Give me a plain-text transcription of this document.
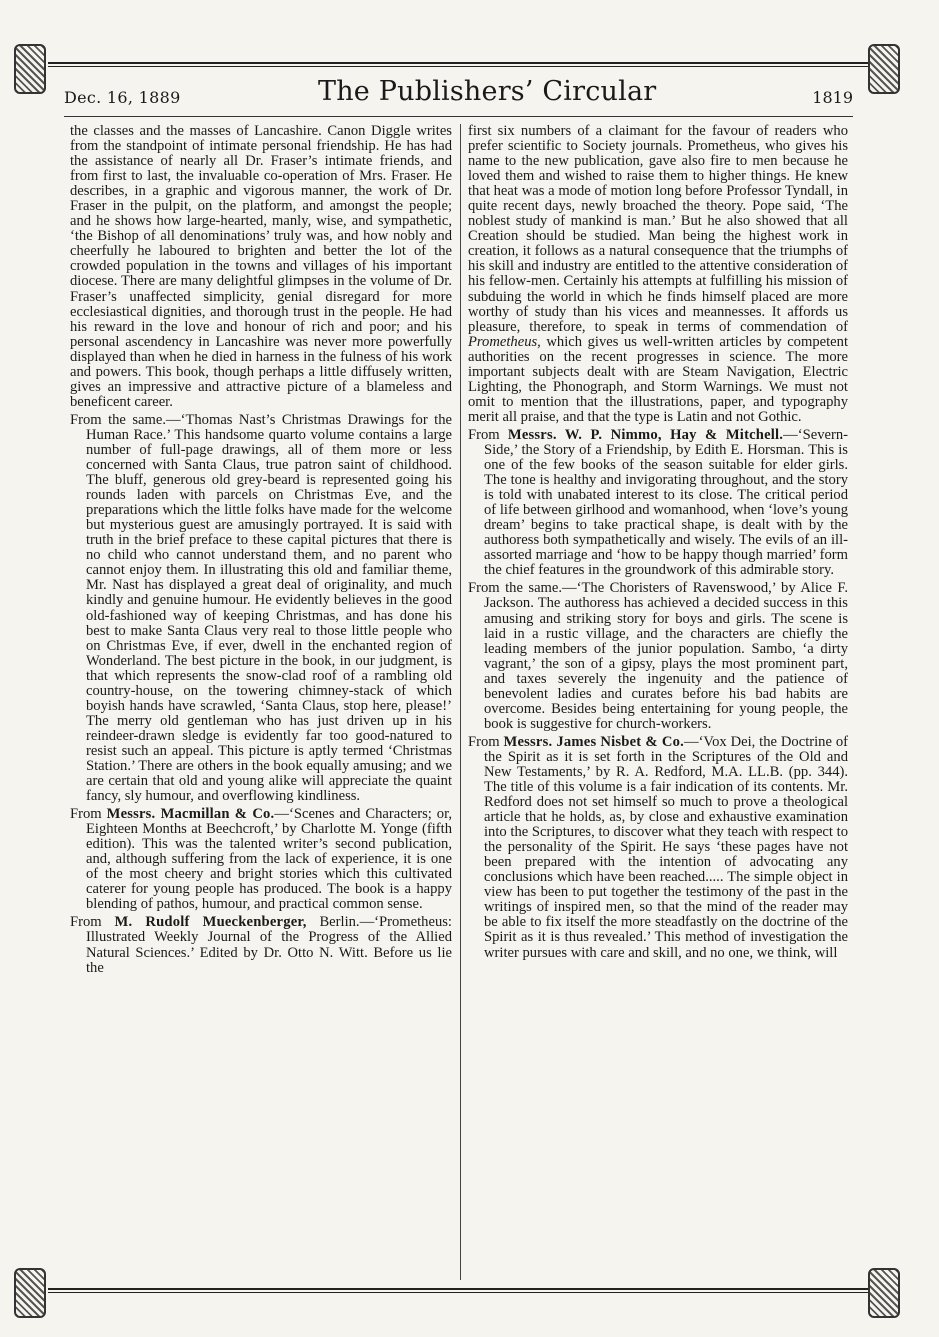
Dec. 16, 1889	The Publishers’ Circular	1819

the classes and the masses of Lancashire. Canon Diggle writes from the standpoint of intimate personal friendship. He has had the assistance of nearly all Dr. Fraser’s intimate friends, and from first to last, the invaluable co-operation of Mrs. Fraser. He describes, in a graphic and vigorous manner, the work of Dr. Fraser in the pulpit, on the platform, and amongst the people; and he shows how large-hearted, manly, wise, and sympathetic, ‘the Bishop of all denominations’ truly was, and how nobly and cheerfully he laboured to brighten and better the lot of the crowded population in the towns and villages of his important diocese. There are many delightful glimpses in the volume of Dr. Fraser’s unaffected simplicity, genial disregard for more ecclesiastical dignities, and thorough trust in the people. He had his reward in the love and honour of rich and poor; and his personal ascendency in Lancashire was never more powerfully displayed than when he died in harness in the fulness of his work and powers. This book, though perhaps a little diffusely written, gives an impressive and attractive picture of a blameless and beneficent career.

From the same.—‘Thomas Nast’s Christmas Drawings for the Human Race.’ This handsome quarto volume contains a large number of full-page drawings, all of them more or less concerned with Santa Claus, true patron saint of childhood. The bluff, generous old grey-beard is represented going his rounds laden with parcels on Christmas Eve, and the preparations which the little folks have made for the welcome but mysterious guest are amusingly portrayed. It is said with truth in the brief preface to these capital pictures that there is no child who cannot understand them, and no parent who cannot enjoy them. In illustrating this old and familiar theme, Mr. Nast has displayed a great deal of originality, and much kindly and genuine humour. He evidently believes in the good old-fashioned way of keeping Christmas, and has done his best to make Santa Claus very real to those little people who on Christmas Eve, if ever, dwell in the enchanted region of Wonderland. The best picture in the book, in our judgment, is that which represents the snow-clad roof of a rambling old country-house, on the towering chimney-stack of which boyish hands have scrawled, ‘Santa Claus, stop here, please!’ The merry old gentleman who has just driven up in his reindeer-drawn sledge is evidently far too good-natured to resist such an appeal. This picture is aptly termed ‘Christmas Station.’ There are others in the book equally amusing; and we are certain that old and young alike will appreciate the quaint fancy, sly humour, and overflowing kindliness.

From Messrs. Macmillan & Co.—‘Scenes and Characters; or, Eighteen Months at Beechcroft,’ by Charlotte M. Yonge (fifth edition). This was the talented writer’s second publication, and, although suffering from the lack of experience, it is one of the most cheery and bright stories which this cultivated caterer for young people has produced. The book is a happy blending of pathos, humour, and practical common sense.

From M. Rudolf Mueckenberger, Berlin.—‘Prometheus: Illustrated Weekly Journal of the Progress of the Allied Natural Sciences.’ Edited by Dr. Otto N. Witt. Before us lie the

first six numbers of a claimant for the favour of readers who prefer scientific to Society journals. Prometheus, who gives his name to the new publication, gave also fire to men because he loved them and wished to raise them to higher things. He knew that heat was a mode of motion long before Professor Tyndall, in quite recent days, newly broached the theory. Pope said, ‘The noblest study of mankind is man.’ But he also showed that all Creation should be studied. Man being the highest work in creation, it follows as a natural consequence that the triumphs of his skill and industry are entitled to the attentive consideration of his fellow-men. Certainly his attempts at fulfilling his mission of subduing the world in which he finds himself placed are more worthy of study than his vices and meannesses. It affords us pleasure, therefore, to speak in terms of commendation of Prometheus, which gives us well-written articles by competent authorities on the recent progresses in science. The more important subjects dealt with are Steam Navigation, Electric Lighting, the Phonograph, and Storm Warnings. We must not omit to mention that the illustrations, paper, and typography merit all praise, and that the type is Latin and not Gothic.

From Messrs. W. P. Nimmo, Hay & Mitchell.—‘Severn-Side,’ the Story of a Friendship, by Edith E. Horsman. This is one of the few books of the season suitable for elder girls. The tone is healthy and invigorating throughout, and the story is told with unabated interest to its close. The critical period of life between girlhood and womanhood, when ‘love’s young dream’ begins to take practical shape, is dealt with by the authoress both sympathetically and wisely. The evils of an ill-assorted marriage and ‘how to be happy though married’ form the chief features in the groundwork of this admirable story.

From the same.—‘The Choristers of Ravenswood,’ by Alice F. Jackson. The authoress has achieved a decided success in this amusing and striking story for boys and girls. The scene is laid in a rustic village, and the characters are chiefly the leading members of the junior population. Sambo, ‘a dirty vagrant,’ the son of a gipsy, plays the most prominent part, and taxes severely the ingenuity and the patience of benevolent ladies and curates before his bad habits are overcome. Besides being entertaining for young people, the book is suggestive for church-workers.

From Messrs. James Nisbet & Co.—‘Vox Dei, the Doctrine of the Spirit as it is set forth in the Scriptures of the Old and New Testaments,’ by R. A. Redford, M.A. LL.B. (pp. 344). The title of this volume is a fair indication of its contents. Mr. Redford does not set himself so much to prove a theological article that he holds, as, by close and exhaustive examination into the Scriptures, to discover what they teach with respect to the personality of the Spirit. He says ‘these pages have not been prepared with the intention of advocating any conclusions which have been reached..... The simple object in view has been to put together the testimony of the past in the writings of inspired men, so that the mind of the reader may be able to fix itself the more steadfastly on the doctrine of the Spirit as it is thus revealed.’ This method of investigation the writer pursues with care and skill, and no one, we think, will
